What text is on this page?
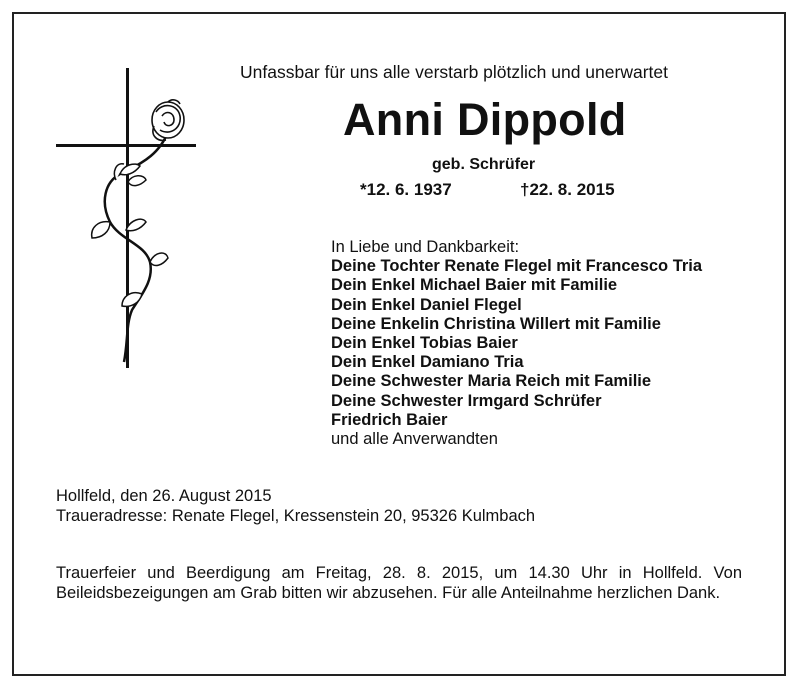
Unfassbar für uns alle verstarb plötzlich und unerwartet
Anni Dippold
geb. Schrüfer
*12. 6. 1937	†22. 8. 2015
In Liebe und Dankbarkeit:
Deine Tochter Renate Flegel mit Francesco Tria
Dein Enkel Michael Baier mit Familie
Dein Enkel Daniel Flegel
Deine Enkelin Christina Willert mit Familie
Dein Enkel Tobias Baier
Dein Enkel Damiano Tria
Deine Schwester Maria Reich mit Familie
Deine Schwester Irmgard Schrüfer
Friedrich Baier
und alle Anverwandten
Hollfeld, den 26. August 2015
Traueradresse: Renate Flegel, Kressenstein 20, 95326 Kulmbach
Trauerfeier und Beerdigung am Freitag, 28. 8. 2015, um 14.30 Uhr in Hollfeld. Von Beileidsbezeigungen am Grab bitten wir abzusehen. Für alle Anteilnahme herzlichen Dank.
